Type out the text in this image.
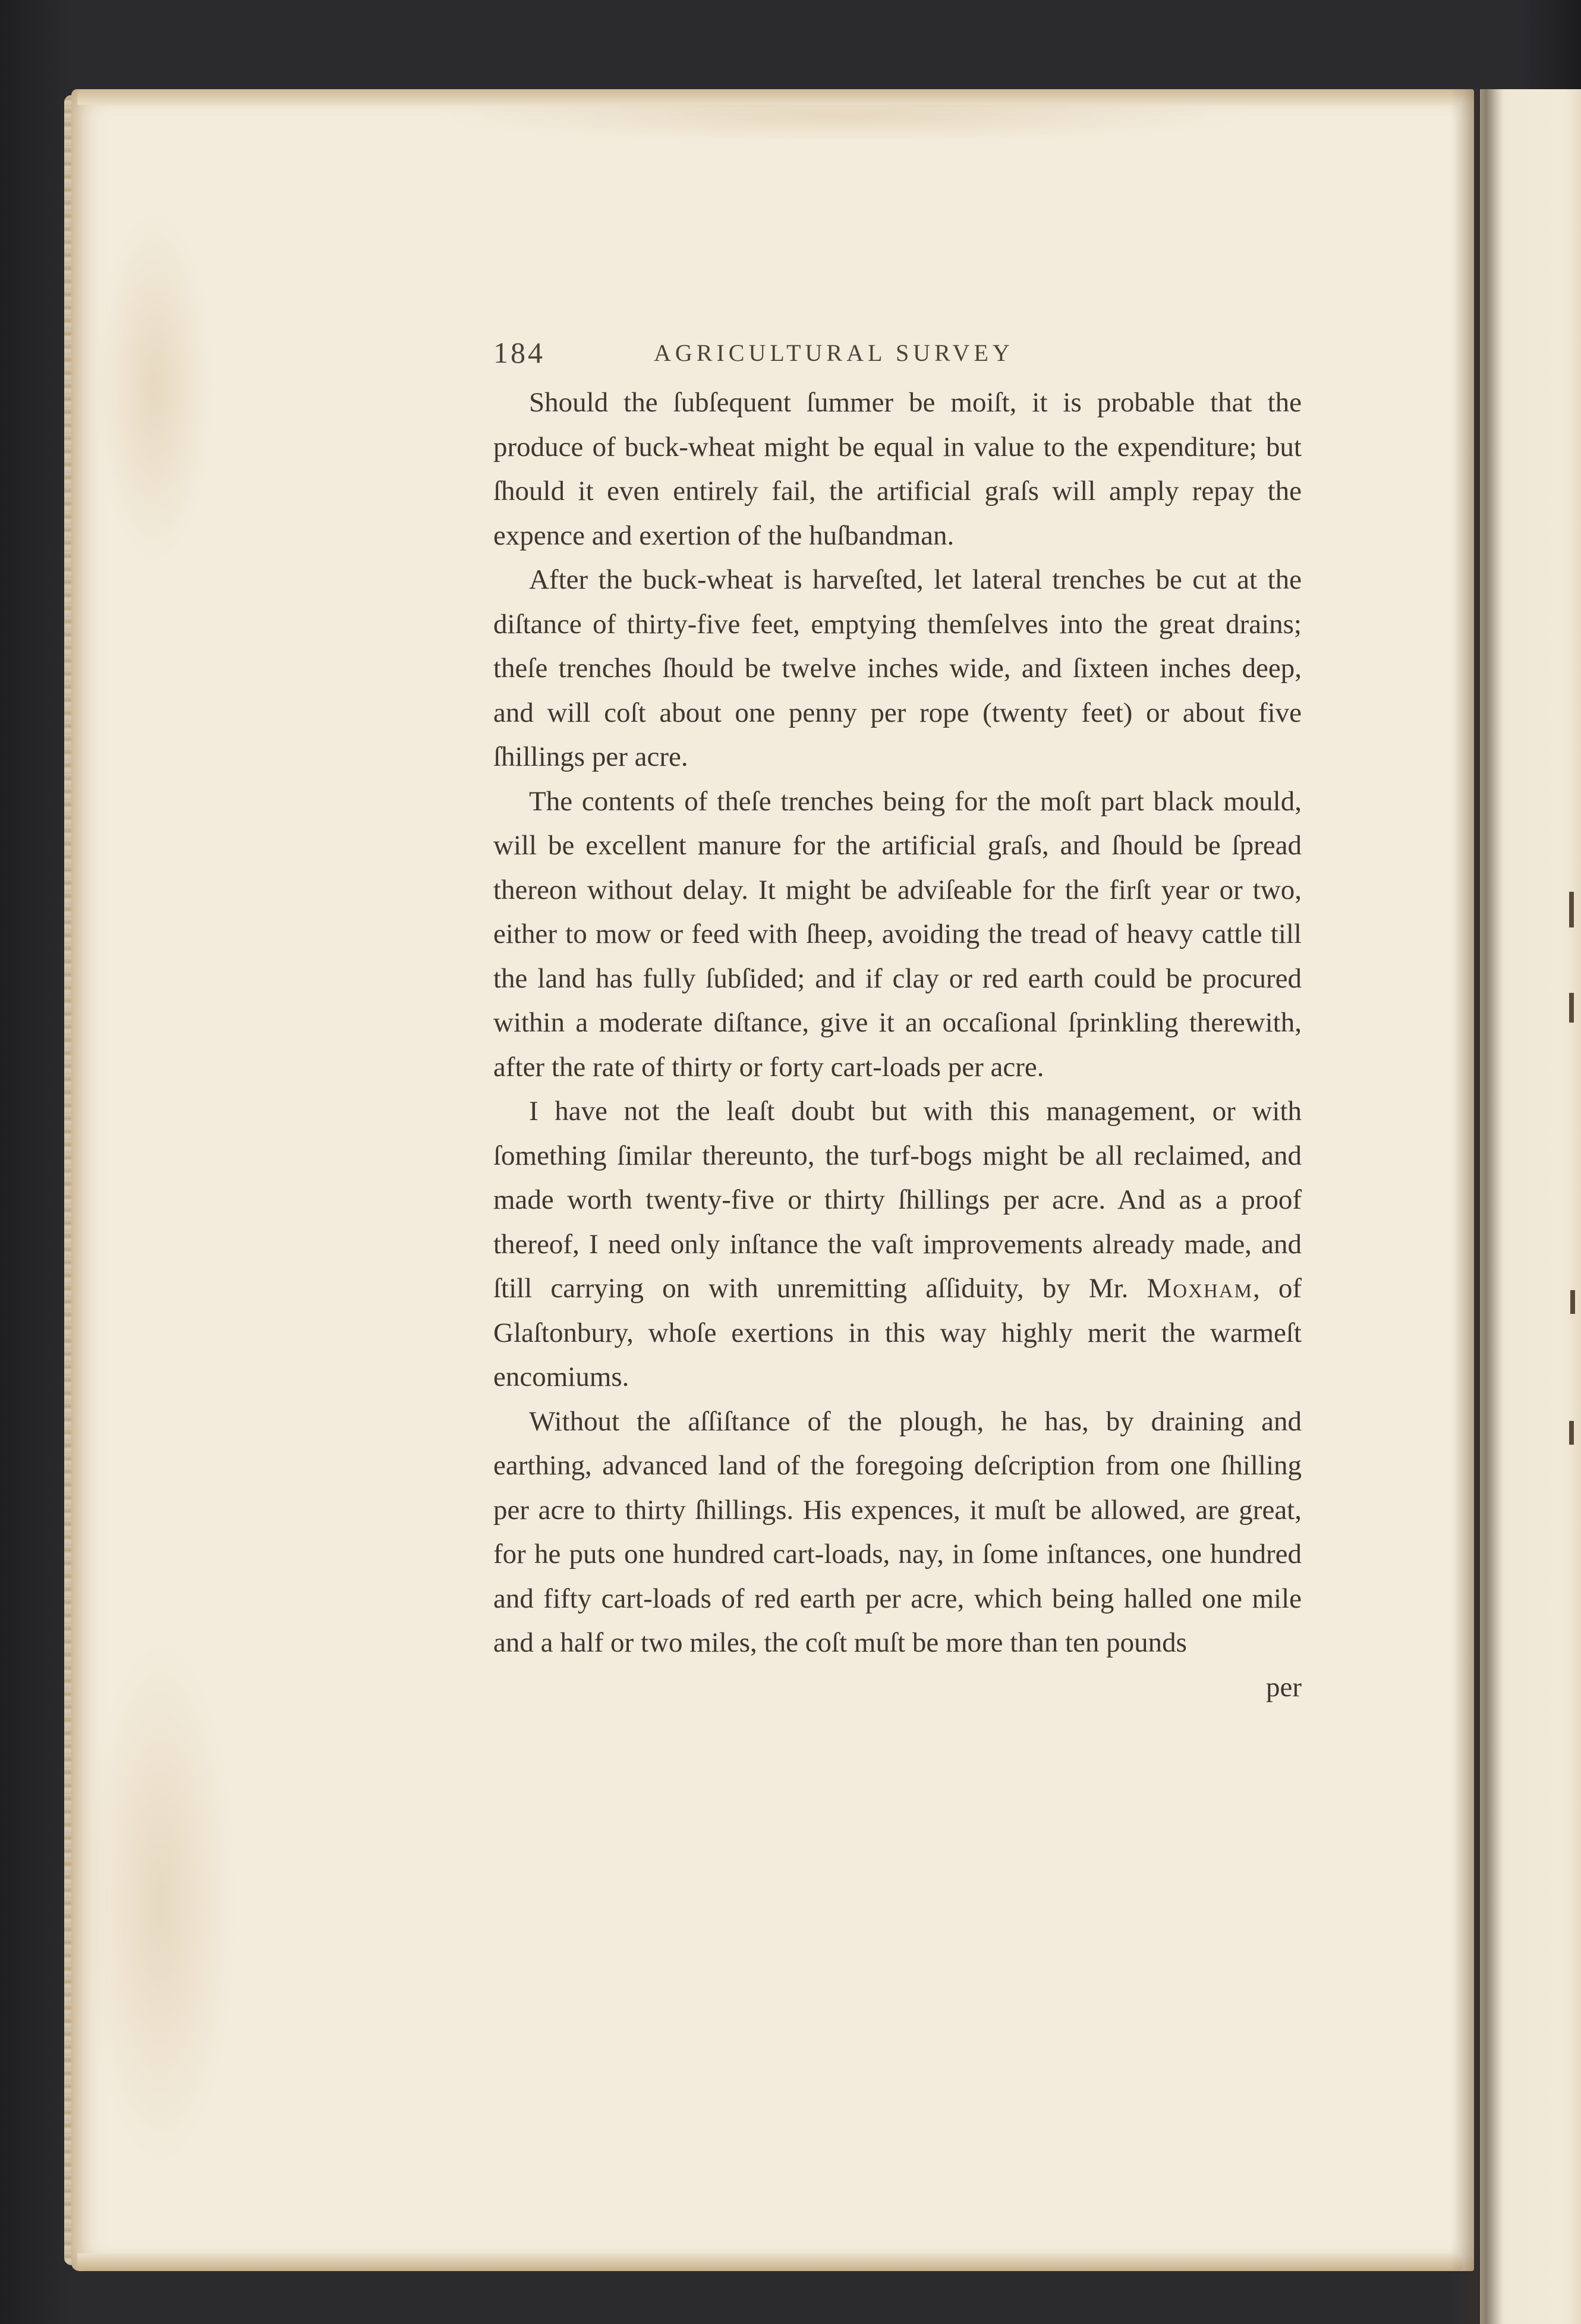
184	AGRICULTURAL SURVEY

Should the ſubſequent ſummer be moiſt, it is probable that the produce of buck-wheat might be equal in value to the expenditure; but ſhould it even entirely fail, the artificial graſs will amply repay the expence and exertion of the huſbandman.

After the buck-wheat is harveſted, let lateral trenches be cut at the diſtance of thirty-five feet, emptying themſelves into the great drains; theſe trenches ſhould be twelve inches wide, and ſixteen inches deep, and will coſt about one penny per rope (twenty feet) or about five ſhillings per acre.

The contents of theſe trenches being for the moſt part black mould, will be excellent manure for the artificial graſs, and ſhould be ſpread thereon without delay. It might be adviſeable for the firſt year or two, either to mow or feed with ſheep, avoiding the tread of heavy cattle till the land has fully ſubſided; and if clay or red earth could be procured within a moderate diſtance, give it an occaſional ſprinkling therewith, after the rate of thirty or forty cart-loads per acre.

I have not the leaſt doubt but with this management, or with ſomething ſimilar thereunto, the turf-bogs might be all reclaimed, and made worth twenty-five or thirty ſhillings per acre. And as a proof thereof, I need only inſtance the vaſt improvements already made, and ſtill carrying on with unremitting aſſiduity, by Mr. Moxham, of Glaſtonbury, whoſe exertions in this way highly merit the warmeſt encomiums.

Without the aſſiſtance of the plough, he has, by draining and earthing, advanced land of the foregoing deſcription from one ſhilling per acre to thirty ſhillings. His expences, it muſt be allowed, are great, for he puts one hundred cart-loads, nay, in ſome inſtances, one hundred and fifty cart-loads of red earth per acre, which being halled one mile and a half or two miles, the coſt muſt be more than ten pounds

per
